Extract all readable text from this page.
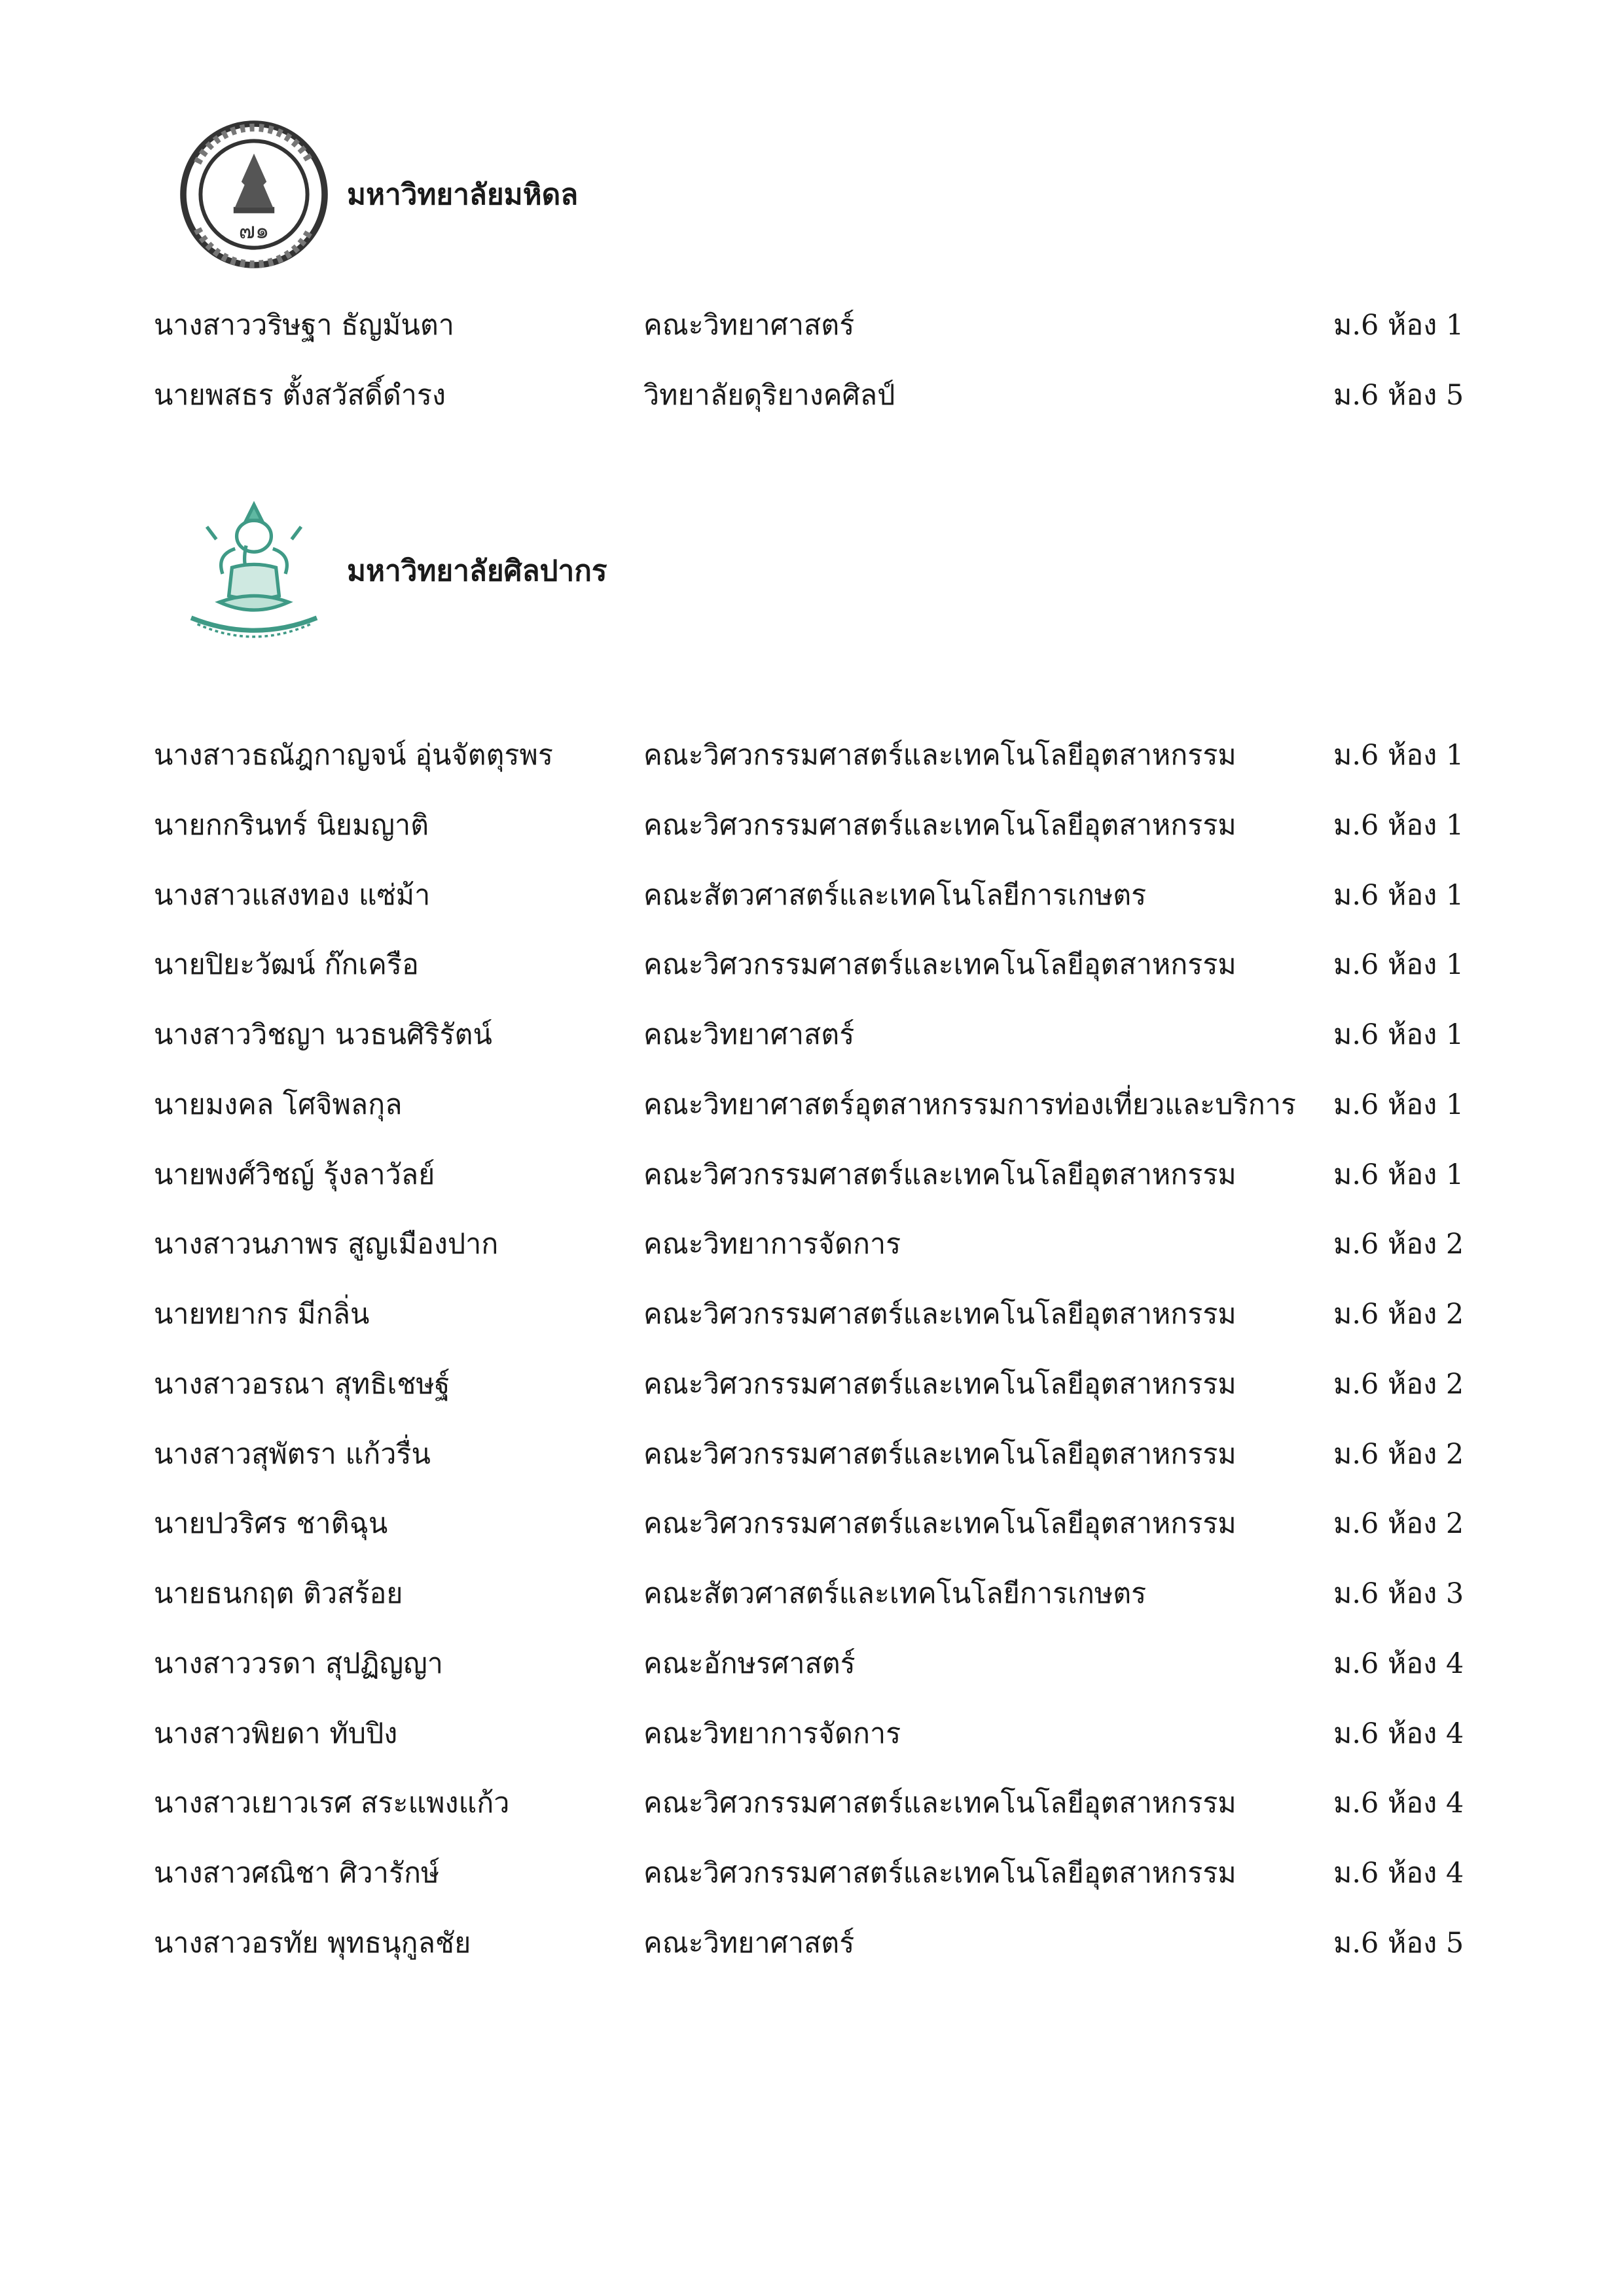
๗๑
มหาวิทยาลัยมหิดล
นางสาววริษฐา ธัญมันตา	คณะวิทยาศาสตร์	ม.6 ห้อง 1
นายพสธร ตั้งสวัสดิ์ดำรง	วิทยาลัยดุริยางคศิลป์	ม.6 ห้อง 5
มหาวิทยาลัยศิลปากร
นางสาวธณัฎกาญจน์ อุ่นจัตตุรพร	คณะวิศวกรรมศาสตร์และเทคโนโลยีอุตสาหกรรม	ม.6 ห้อง 1
นายกกรินทร์ นิยมญาติ	คณะวิศวกรรมศาสตร์และเทคโนโลยีอุตสาหกรรม	ม.6 ห้อง 1
นางสาวแสงทอง แซ่ม้า	คณะสัตวศาสตร์และเทคโนโลยีการเกษตร	ม.6 ห้อง 1
นายปิยะวัฒน์ ก๊กเครือ	คณะวิศวกรรมศาสตร์และเทคโนโลยีอุตสาหกรรม	ม.6 ห้อง 1
นางสาววิชญา นวธนศิริรัตน์	คณะวิทยาศาสตร์	ม.6 ห้อง 1
นายมงคล โศจิพลกุล	คณะวิทยาศาสตร์อุตสาหกรรมการท่องเที่ยวและบริการ ม.6 ห้อง 1
นายพงศ์วิชญ์ รุ้งลาวัลย์	คณะวิศวกรรมศาสตร์และเทคโนโลยีอุตสาหกรรม	ม.6 ห้อง 1
นางสาวนภาพร สูญเมืองปาก	คณะวิทยาการจัดการ	ม.6 ห้อง 2
นายทยากร มีกลิ่น	คณะวิศวกรรมศาสตร์และเทคโนโลยีอุตสาหกรรม	ม.6 ห้อง 2
นางสาวอรณา สุทธิเชษฐ์	คณะวิศวกรรมศาสตร์และเทคโนโลยีอุตสาหกรรม	ม.6 ห้อง 2
นางสาวสุพัตรา แก้วรื่น	คณะวิศวกรรมศาสตร์และเทคโนโลยีอุตสาหกรรม	ม.6 ห้อง 2
นายปวริศร ชาติฉุน	คณะวิศวกรรมศาสตร์และเทคโนโลยีอุตสาหกรรม	ม.6 ห้อง 2
นายธนกฤต ติวสร้อย	คณะสัตวศาสตร์และเทคโนโลยีการเกษตร	ม.6 ห้อง 3
นางสาววรดา สุปฏิญญา	คณะอักษรศาสตร์	ม.6 ห้อง 4
นางสาวพิยดา ทับปิง	คณะวิทยาการจัดการ	ม.6 ห้อง 4
นางสาวเยาวเรศ สระแพงแก้ว	คณะวิศวกรรมศาสตร์และเทคโนโลยีอุตสาหกรรม	ม.6 ห้อง 4
นางสาวศณิชา ศิวารักษ์	คณะวิศวกรรมศาสตร์และเทคโนโลยีอุตสาหกรรม	ม.6 ห้อง 4
นางสาวอรทัย พุทธนุกูลชัย	คณะวิทยาศาสตร์	ม.6 ห้อง 5
